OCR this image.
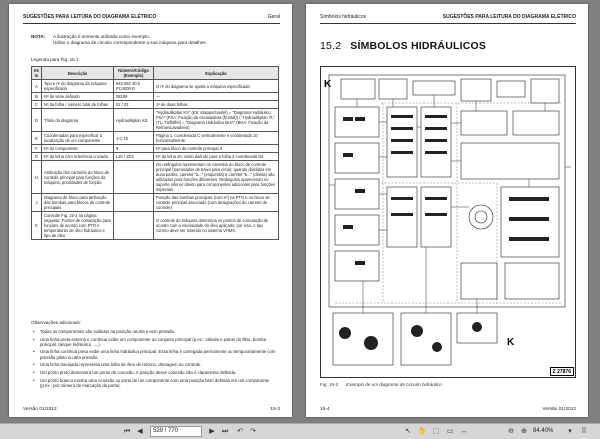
SUGESTÕES PARA LEITURA DO DIAGRAMA ELÉTRICO	Geral
NOTA: A ilustração é somente utilizada como exemplo.
Utilize o diagrama de circuito correspondente a sua máquina para detalhes.
Legenda para Fig. 15.1:
Ite m	Descrição	Número/Código (Exemplo)	Explicação
A	Tipo e nº do diagrama da máquina especificada	948 552 40 b PC4000-D	O nº do diagrama se ajusta a máquina especificada
B	Nº de série definido	08199	—
C	Nº da folha / número total de folhas	01 / 02	1ª de duas folhas
D	Título do diagrama	Hydraulikplan KS	"Hydraulikplan KS" (KS: Klappschaufel) = "Diagrama Hidráulico FSA" (FSA: Fixação da escavadeira (frontal)) / "Hydraulikplan TL" (TL: Tieflöffel) = "Diagrama Hidráulico BHA" (BHA: Fixação da Retroescavadeira)
E	Coordenadas para especificar a localização de um componente	1 C 10	Página 1, coordenada C verticalmente e coordenada 10 horizontalmente
F	Nº do componente	9	Nº para bloco de controle principal II
G	Nº da linha com referência cruzada	L20 / 2D4	Nº da linha 20, vindo da/indo para a folha 2 coordenada D4
H	Atribuição dos carretéis do bloco de controle principal para funções da máquina, prioridades de função		Os retângulos representam os carretéis do bloco de controle principal (numerados de baixo para cima); quando divididos em duas partes, carretel "a..." (esquerda) e carretel "b..." (direita) são utilizados para funções diferentes. Retângulos aparecendo no suporte inferior direito para componentes adicionais para funções especiais
J	Diagrama de bloco para atribuição das bombas para blocos de controle principais		Posição das bombas principais (com nº) na PTO e no bloco de controle principal associado (com designações do carretel de controle)
K	Consulte Fig. 15-2 na página seguinte: Pontos de comutação para funções de acordo com PTO e temperaturas de óleo hidráulico e tipo de óleo		O controle do máquina determina os pontos de comutação de acordo com a viscosidade do óleo aplicado; por isso, o tipo correto deve ser inserido no sistema VHMS.
Observações adicionais:
• Todos os componentes são exibidos na posição neutra e sem pressão.
• Uma linha preta externa e contínua exibe um componente ou conjunto principal (p.ex.: válvula e painel do filtro, bomba principal, tanque hidráulico, ....).
• Uma linha contínua preta exibe uma linha hidráulica principal. Essa linha é carregada permanente ou temporariamente com pressão piloto ou alta pressão.
• Uma linha tracejada representa uma linha de óleo de retorno, drenagem ou controle.
• Um ponto preto demonstra um ponto de conexão. A posição desse conexão não é claramente definida.
• Um ponto branco mostra uma conexão ou porta de um componente com uma posição bem definida em um componente (p.ex.: por número de marcação da porta).
Versão 01/2012	15-3
Símbolos hidráulicos	SUGESTÕES PARA LEITURA DO DIAGRAMA ELÉTRICO
15.2 SÍMBOLOS HIDRÁULICOS
K
K
Z 27876
Fig. 15-2 Exemplo de um diagrama de circuito hidráulico
15-4	Versão 01/2012
⏮	◀	529 / 770	▶	⏭	↶	↷	↖ ✋ ⬚	▭	↔	⊖	⊕	84.40%	▾	⠿
